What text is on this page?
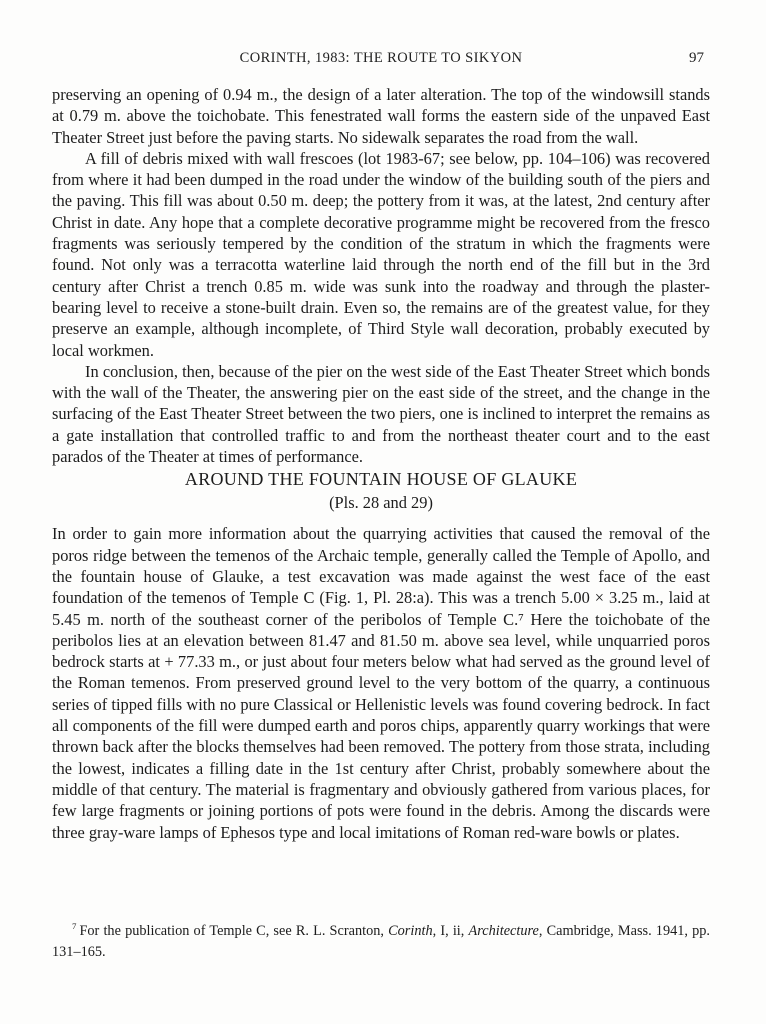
CORINTH, 1983: THE ROUTE TO SIKYON	97

preserving an opening of 0.94 m., the design of a later alteration. The top of the windowsill stands at 0.79 m. above the toichobate. This fenestrated wall forms the eastern side of the unpaved East Theater Street just before the paving starts. No sidewalk separates the road from the wall.

A fill of debris mixed with wall frescoes (lot 1983-67; see below, pp. 104–106) was recovered from where it had been dumped in the road under the window of the building south of the piers and the paving. This fill was about 0.50 m. deep; the pottery from it was, at the latest, 2nd century after Christ in date. Any hope that a complete decorative programme might be recovered from the fresco fragments was seriously tempered by the condition of the stratum in which the fragments were found. Not only was a terracotta waterline laid through the north end of the fill but in the 3rd century after Christ a trench 0.85 m. wide was sunk into the roadway and through the plaster-bearing level to receive a stone-built drain. Even so, the remains are of the greatest value, for they preserve an example, although incomplete, of Third Style wall decoration, probably executed by local workmen.

In conclusion, then, because of the pier on the west side of the East Theater Street which bonds with the wall of the Theater, the answering pier on the east side of the street, and the change in the surfacing of the East Theater Street between the two piers, one is inclined to interpret the remains as a gate installation that controlled traffic to and from the northeast theater court and to the east parados of the Theater at times of performance.

AROUND THE FOUNTAIN HOUSE OF GLAUKE
(Pls. 28 and 29)

In order to gain more information about the quarrying activities that caused the removal of the poros ridge between the temenos of the Archaic temple, generally called the Temple of Apollo, and the fountain house of Glauke, a test excavation was made against the west face of the east foundation of the temenos of Temple C (Fig. 1, Pl. 28:a). This was a trench 5.00 × 3.25 m., laid at 5.45 m. north of the southeast corner of the peribolos of Temple C.⁷ Here the toichobate of the peribolos lies at an elevation between 81.47 and 81.50 m. above sea level, while unquarried poros bedrock starts at + 77.33 m., or just about four meters below what had served as the ground level of the Roman temenos. From preserved ground level to the very bottom of the quarry, a continuous series of tipped fills with no pure Classical or Hellenistic levels was found covering bedrock. In fact all components of the fill were dumped earth and poros chips, apparently quarry workings that were thrown back after the blocks themselves had been removed. The pottery from those strata, including the lowest, indicates a filling date in the 1st century after Christ, probably somewhere about the middle of that century. The material is fragmentary and obviously gathered from various places, for few large fragments or joining portions of pots were found in the debris. Among the discards were three gray-ware lamps of Ephesos type and local imitations of Roman red-ware bowls or plates.

$^7$ For the publication of Temple C, see R. L. Scranton, Corinth, I, ii, Architecture, Cambridge, Mass. 1941, pp. 131–165.
